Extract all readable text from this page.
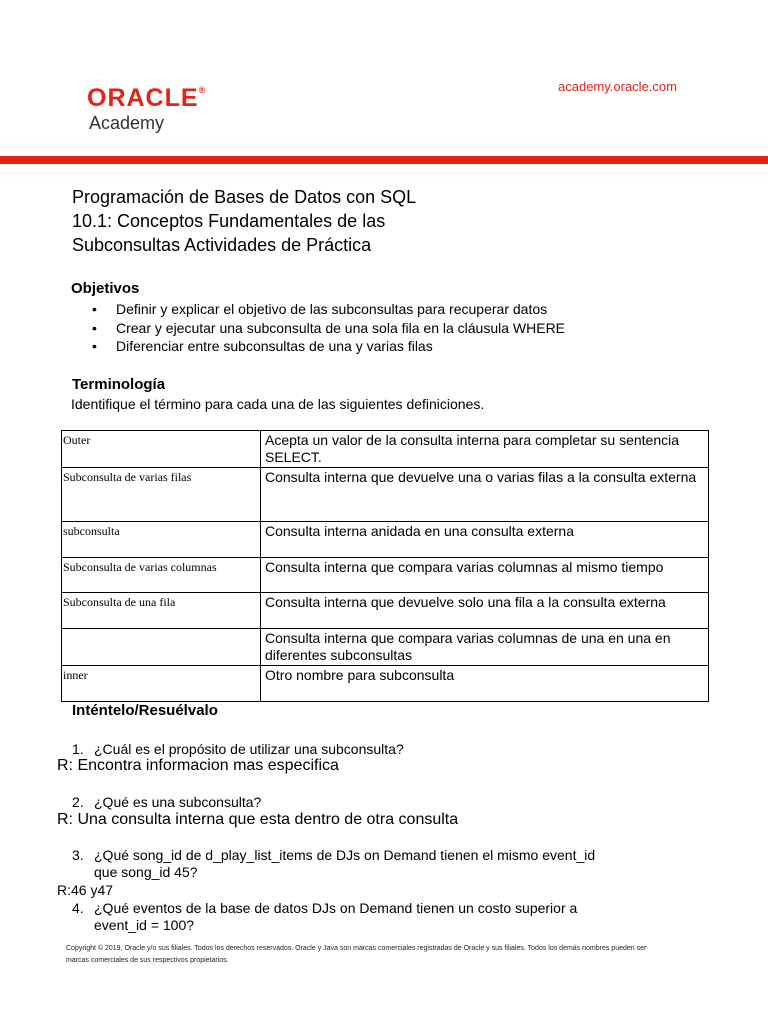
ORACLE®
Academy
academy.oracle.com
Programación de Bases de Datos con SQL
10.1: Conceptos Fundamentales de las
Subconsultas Actividades de Práctica
Objetivos
• Definir y explicar el objetivo de las subconsultas para recuperar datos
• Crear y ejecutar una subconsulta de una sola fila en la cláusula WHERE
• Diferenciar entre subconsultas de una y varias filas
Terminología
Identifique el término para cada una de las siguientes definiciones.
Outer	Acepta un valor de la consulta interna para completar su sentencia SELECT.
Subconsulta de varias filas	Consulta interna que devuelve una o varias filas a la consulta externa
subconsulta	Consulta interna anidada en una consulta externa
Subconsulta de varias columnas	Consulta interna que compara varias columnas al mismo tiempo
Subconsulta de una fila	Consulta interna que devuelve solo una fila a la consulta externa
	Consulta interna que compara varias columnas de una en una en diferentes subconsultas
inner	Otro nombre para subconsulta
Inténtelo/Resuélvalo
1. ¿Cuál es el propósito de utilizar una subconsulta?
R: Encontra informacion mas especifica
2. ¿Qué es una subconsulta?
R: Una consulta interna que esta dentro de otra consulta
3. ¿Qué song_id de d_play_list_items de DJs on Demand tienen el mismo event_id
que song_id 45?
R:46 y47
4. ¿Qué eventos de la base de datos DJs on Demand tienen un costo superior a
event_id = 100?
Copyright © 2019, Oracle y/o sus filiales. Todos los derechos reservados. Oracle y Java son marcas comerciales registradas de Oracle y sus filiales. Todos los demás nombres pueden ser
marcas comerciales de sus respectivos propietarios.
